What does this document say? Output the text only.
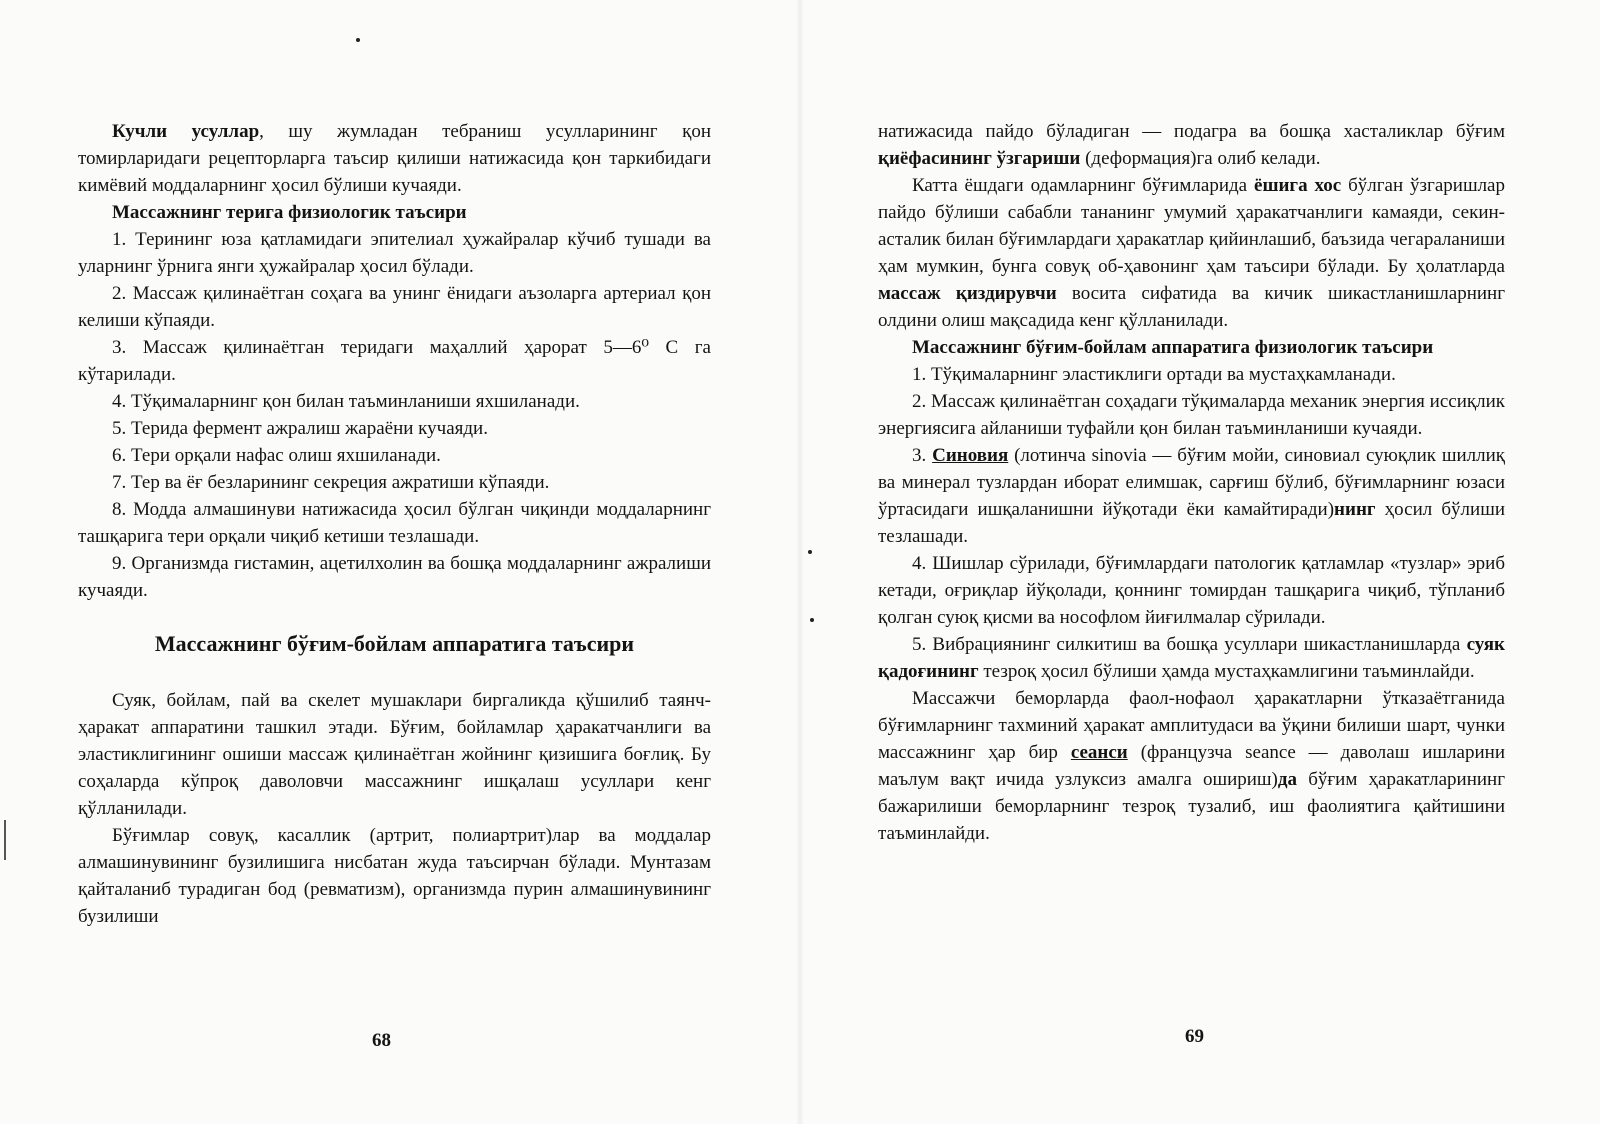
Кучли усуллар, шу жумладан тебраниш усулларининг қон томирларидаги рецепторларга таъсир қилиши натижасида қон таркибидаги кимёвий моддаларнинг ҳосил бўлиши кучаяди.

Массажнинг терига физиологик таъсири

1. Терининг юза қатламидаги эпителиал ҳужайралар кўчиб тушади ва уларнинг ўрнига янги ҳужайралар ҳосил бўлади.

2. Массаж қилинаётган соҳага ва унинг ёнидаги аъзоларга артериал қон келиши кўпаяди.

3. Массаж қилинаётган теридаги маҳаллий ҳарорат 5—6⁰ С га кўтарилади.

4. Тўқималарнинг қон билан таъминланиши яхшиланади.

5. Терида фермент ажралиш жараёни кучаяди.

6. Тери орқали нафас олиш яхшиланади.

7. Тер ва ёғ безларининг секреция ажратиши кўпаяди.

8. Модда алмашинуви натижасида ҳосил бўлган чиқинди моддаларнинг ташқарига тери орқали чиқиб кетиши тезлашади.

9. Организмда гистамин, ацетилхолин ва бошқа моддаларнинг ажралиши кучаяди.

Массажнинг бўғим-бойлам аппаратига таъсири

Суяк, бойлам, пай ва скелет мушаклари биргаликда қўшилиб таянч-ҳаракат аппаратини ташкил этади. Бўғим, бойламлар ҳаракатчанлиги ва эластиклигининг ошиши массаж қилинаётган жойнинг қизишига боғлиқ. Бу соҳаларда кўпроқ даволовчи массажнинг ишқалаш усуллари кенг қўлланилади.

Бўғимлар совуқ, касаллик (артрит, полиартрит)лар ва моддалар алмашинувининг бузилишига нисбатан жуда таъсирчан бўлади. Мунтазам қайталаниб турадиган бод (ревматизм), организмда пурин алмашинувининг бузилиши

68

натижасида пайдо бўладиган — подагра ва бошқа хасталиклар бўғим қиёфасининг ўзгариши (деформация)га олиб келади.

Катта ёшдаги одамларнинг бўғимларида ёшига хос бўлган ўзгаришлар пайдо бўлиши сабабли тананинг умумий ҳаракатчанлиги камаяди, секин-асталик билан бўғимлардаги ҳаракатлар қийинлашиб, баъзида чегараланиши ҳам мумкин, бунга совуқ об-ҳавонинг ҳам таъсири бўлади. Бу ҳолатларда массаж қиздирувчи восита сифатида ва кичик шикастланишларнинг олдини олиш мақсадида кенг қўлланилади.

Массажнинг бўғим-бойлам аппаратига физиологик таъсири

1. Тўқималарнинг эластиклиги ортади ва мустаҳкамланади.

2. Массаж қилинаётган соҳадаги тўқималарда механик энергия иссиқлик энергиясига айланиши туфайли қон билан таъминланиши кучаяди.

3. Синовия (лотинча sinovia — бўғим мойи, синовиал суюқлик шиллиқ ва минерал тузлардан иборат елимшак, сарғиш бўлиб, бўғимларнинг юзаси ўртасидаги ишқаланишни йўқотади ёки камайтиради)нинг ҳосил бўлиши тезлашади.

4. Шишлар сўрилади, бўғимлардаги патологик қатламлар «тузлар» эриб кетади, оғриқлар йўқолади, қоннинг томирдан ташқарига чиқиб, тўпланиб қолган суюқ қисми ва нософлом йиғилмалар сўрилади.

5. Вибрациянинг силкитиш ва бошқа усуллари шикастланишларда суяк қадоғининг тезроқ ҳосил бўлиши ҳамда мустаҳкамлигини таъминлайди.

Массажчи беморларда фаол-нофаол ҳаракатларни ўтказаётганида бўғимларнинг тахминий ҳаракат амплитудаси ва ўқини билиши шарт, чунки массажнинг ҳар бир сеанси (французча seance — даволаш ишларини маълум вақт ичида узлуксиз амалга ошириш)да бўғим ҳаракатларининг бажарилиши беморларнинг тезроқ тузалиб, иш фаолиятига қайтишини таъминлайди.

69
